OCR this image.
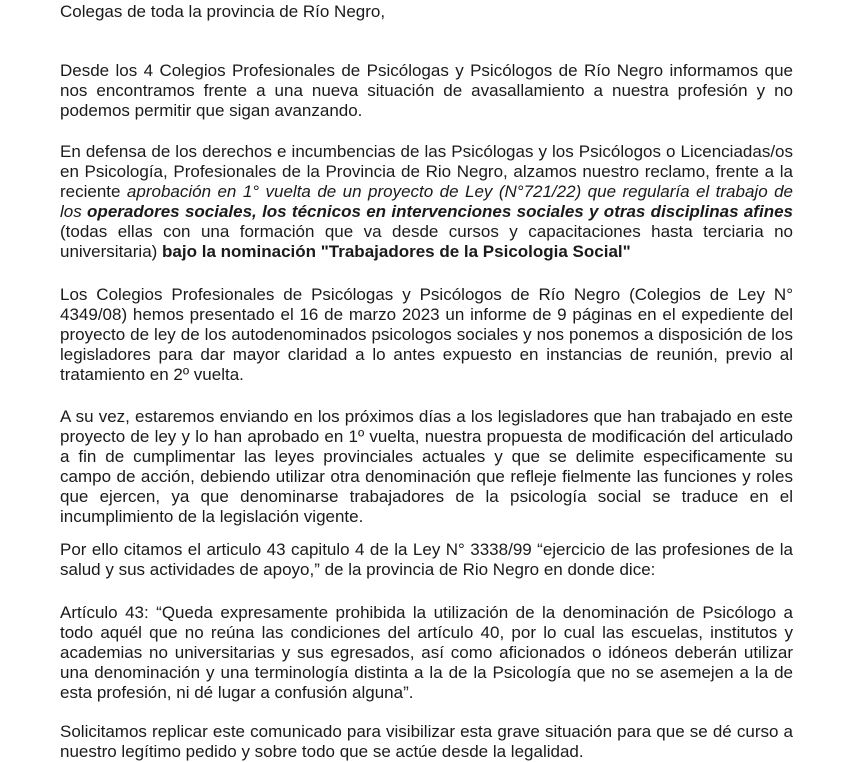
Colegas de toda la provincia de Río Negro,

Desde los 4 Colegios Profesionales de Psicólogas y Psicólogos de Río Negro informamos que nos encontramos frente a una nueva situación de avasallamiento a nuestra profesión y no podemos permitir que sigan avanzando.

En defensa de los derechos e incumbencias de las Psicólogas y los Psicólogos o Licenciadas/os en Psicología, Profesionales de la Provincia de Rio Negro, alzamos nuestro reclamo, frente a la reciente aprobación en 1° vuelta de un proyecto de Ley (N°721/22) que regularía el trabajo de los operadores sociales, los técnicos en intervenciones sociales y otras disciplinas afines (todas ellas con una formación que va desde cursos y capacitaciones hasta terciaria no universitaria) bajo la nominación "Trabajadores de la Psicologia Social"

Los Colegios Profesionales de Psicólogas y Psicólogos de Río Negro (Colegios de Ley N° 4349/08) hemos presentado el 16 de marzo 2023 un informe de 9 páginas en el expediente del proyecto de ley de los autodenominados psicologos sociales y nos ponemos a disposición de los legisladores para dar mayor claridad a lo antes expuesto en instancias de reunión, previo al tratamiento en 2º vuelta.

A su vez, estaremos enviando en los próximos días a los legisladores que han trabajado en este proyecto de ley y lo han aprobado en 1º vuelta, nuestra propuesta de modificación del articulado a fin de cumplimentar las leyes provinciales actuales y que se delimite especificamente su campo de acción, debiendo utilizar otra denominación que refleje fielmente las funciones y roles que ejercen, ya que denominarse trabajadores de la psicología social se traduce en el incumplimiento de la legislación vigente.

Por ello citamos el articulo 43 capitulo 4 de la Ley N° 3338/99 “ejercicio de las profesiones de la salud y sus actividades de apoyo,” de la provincia de Rio Negro en donde dice:

Artículo 43: “Queda expresamente prohibida la utilización de la denominación de Psicólogo a todo aquél que no reúna las condiciones del artículo 40, por lo cual las escuelas, institutos y academias no universitarias y sus egresados, así como aficionados o idóneos deberán utilizar una denominación y una terminología distinta a la de la Psicología que no se asemejen a la de esta profesión, ni dé lugar a confusión alguna”.

Solicitamos replicar este comunicado para visibilizar esta grave situación para que se dé curso a nuestro legítimo pedido y sobre todo que se actúe desde la legalidad.
